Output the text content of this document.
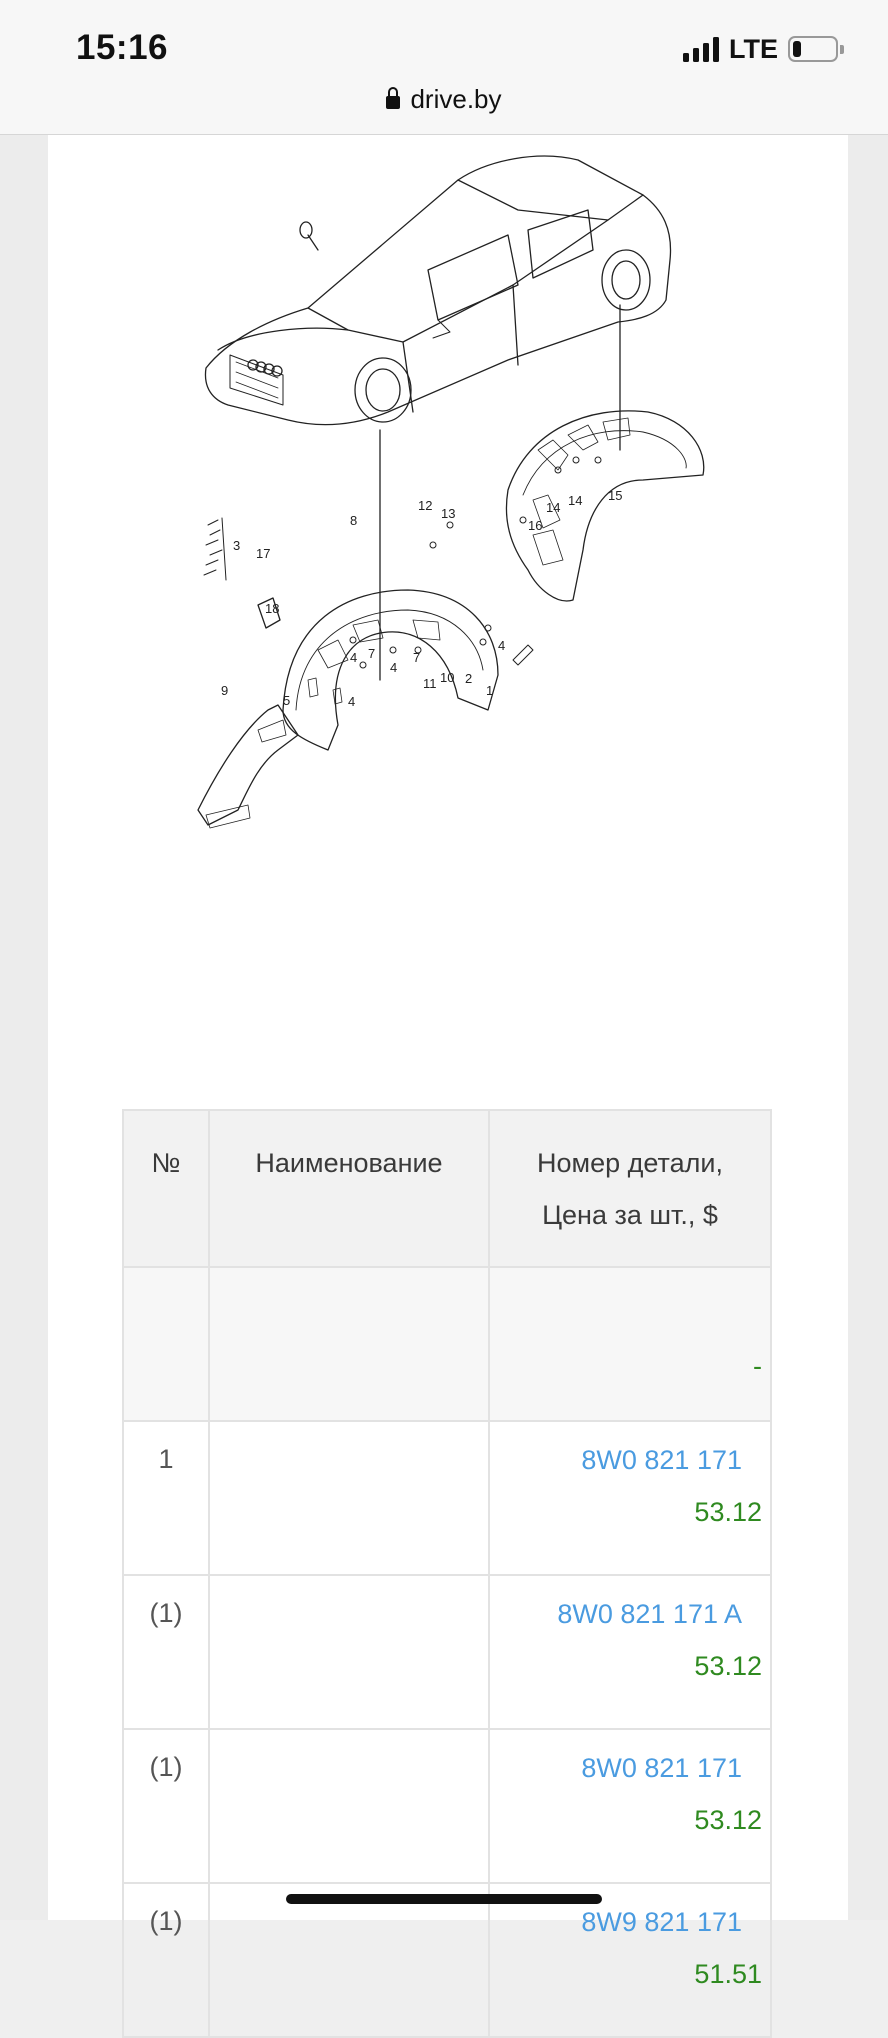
15:16	LTE
drive.by
1
2
3
4
4
4
4
5
7	7
8
9
10
11
12
13	14 14 15
16
17
18
№	Наименование	Номер детали,
Цена за шт., $

		-

1		8W0 821 171
53.12

(1)		8W0 821 171 A
53.12

(1)		8W0 821 171
53.12

(1)		8W9 821 171
51.51
